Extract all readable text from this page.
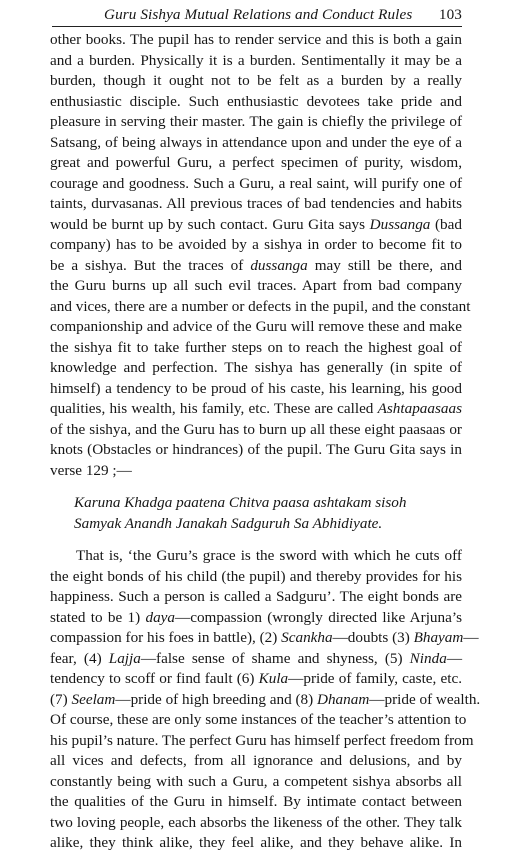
Guru Sishya Mutual Relations and Conduct Rules 103
other books. The pupil has to render service and this is both a gain
and a burden. Physically it is a burden. Sentimentally it may be a
burden, though it ought not to be felt as a burden by a really
enthusiastic disciple. Such enthusiastic devotees take pride and
pleasure in serving their master. The gain is chiefly the privilege of
Satsang, of being always in attendance upon and under the eye of a
great and powerful Guru, a perfect specimen of purity, wisdom,
courage and goodness. Such a Guru, a real saint, will purify one of
taints, durvasanas. All previous traces of bad tendencies and habits
would be burnt up by such contact. Guru Gita says Dussanga (bad
company) has to be avoided by a sishya in order to become fit to
be a sishya. But the traces of dussanga may still be there, and
the Guru burns up all such evil traces. Apart from bad company
and vices, there are a number or defects in the pupil, and the constant
companionship and advice of the Guru will remove these and make
the sishya fit to take further steps on to reach the highest goal of
knowledge and perfection. The sishya has generally (in spite of
himself) a tendency to be proud of his caste, his learning, his good
qualities, his wealth, his family, etc. These are called Ashtapaasaas
of the sishya, and the Guru has to burn up all these eight paasaas or
knots (Obstacles or hindrances) of the pupil. The Guru Gita says in
verse 129 ;—
Karuna Khadga paatena Chitva paasa ashtakam sisoh
Samyak Anandh Janakah Sadguruh Sa Abhidiyate.
That is, ‘the Guru’s grace is the sword with which he cuts off
the eight bonds of his child (the pupil) and thereby provides for his
happiness. Such a person is called a Sadguru’. The eight bonds are
stated to be 1) daya—compassion (wrongly directed like Arjuna’s
compassion for his foes in battle), (2) Scankha—doubts (3) Bhayam—
fear, (4) Lajja—false sense of shame and shyness, (5) Ninda—
tendency to scoff or find fault (6) Kula—pride of family, caste, etc.
(7) Seelam—pride of high breeding and (8) Dhanam—pride of wealth.
Of course, these are only some instances of the teacher’s attention to
his pupil’s nature. The perfect Guru has himself perfect freedom from
all vices and defects, from all ignorance and delusions, and by
constantly being with such a Guru, a competent sishya absorbs all
the qualities of the Guru in himself. By intimate contact between
two loving people, each absorbs the likeness of the other. They talk
alike, they think alike, they feel alike, and they behave alike. In
